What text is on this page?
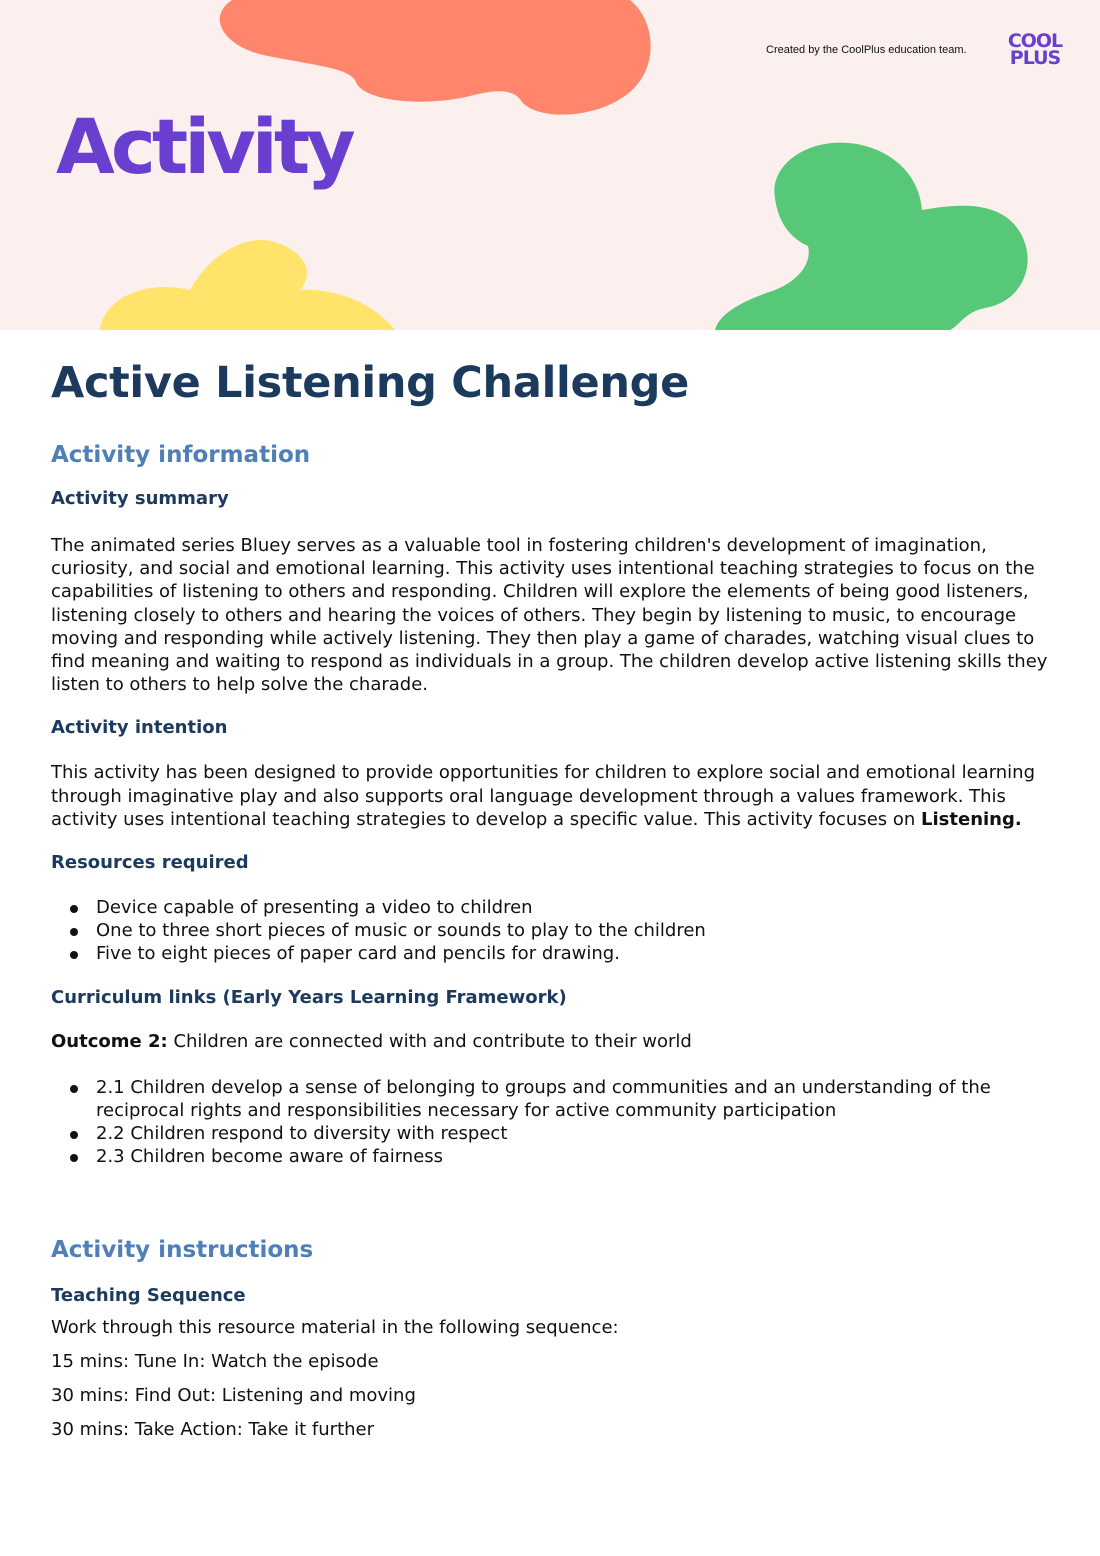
Created by the CoolPlus education team. COOL
PLUS
Activity
Active Listening Challenge
Activity information
Activity summary

The animated series Bluey serves as a valuable tool in fostering children's development of imagination, curiosity, and social and emotional learning. This activity uses intentional teaching strategies to focus on the capabilities of listening to others and responding. Children will explore the elements of being good listeners, listening closely to others and hearing the voices of others. They begin by listening to music, to encourage moving and responding while actively listening. They then play a game of charades, watching visual clues to find meaning and waiting to respond as individuals in a group. The children develop active listening skills they listen to others to help solve the charade.

Activity intention

This activity has been designed to provide opportunities for children to explore social and emotional learning through imaginative play and also supports oral language development through a values framework. This activity uses intentional teaching strategies to develop a specific value. This activity focuses on Listening.

Resources required
Device capable of presenting a video to children
One to three short pieces of music or sounds to play to the children
Five to eight pieces of paper card and pencils for drawing.
Curriculum links (Early Years Learning Framework)

Outcome 2: Children are connected with and contribute to their world

2.1 Children develop a sense of belonging to groups and communities and an understanding of the reciprocal rights and responsibilities necessary for active community participation
2.2 Children respond to diversity with respect
2.3 Children become aware of fairness
Activity instructions
Teaching Sequence

Work through this resource material in the following sequence:

15 mins: Tune In: Watch the episode

30 mins: Find Out: Listening and moving

30 mins: Take Action: Take it further
